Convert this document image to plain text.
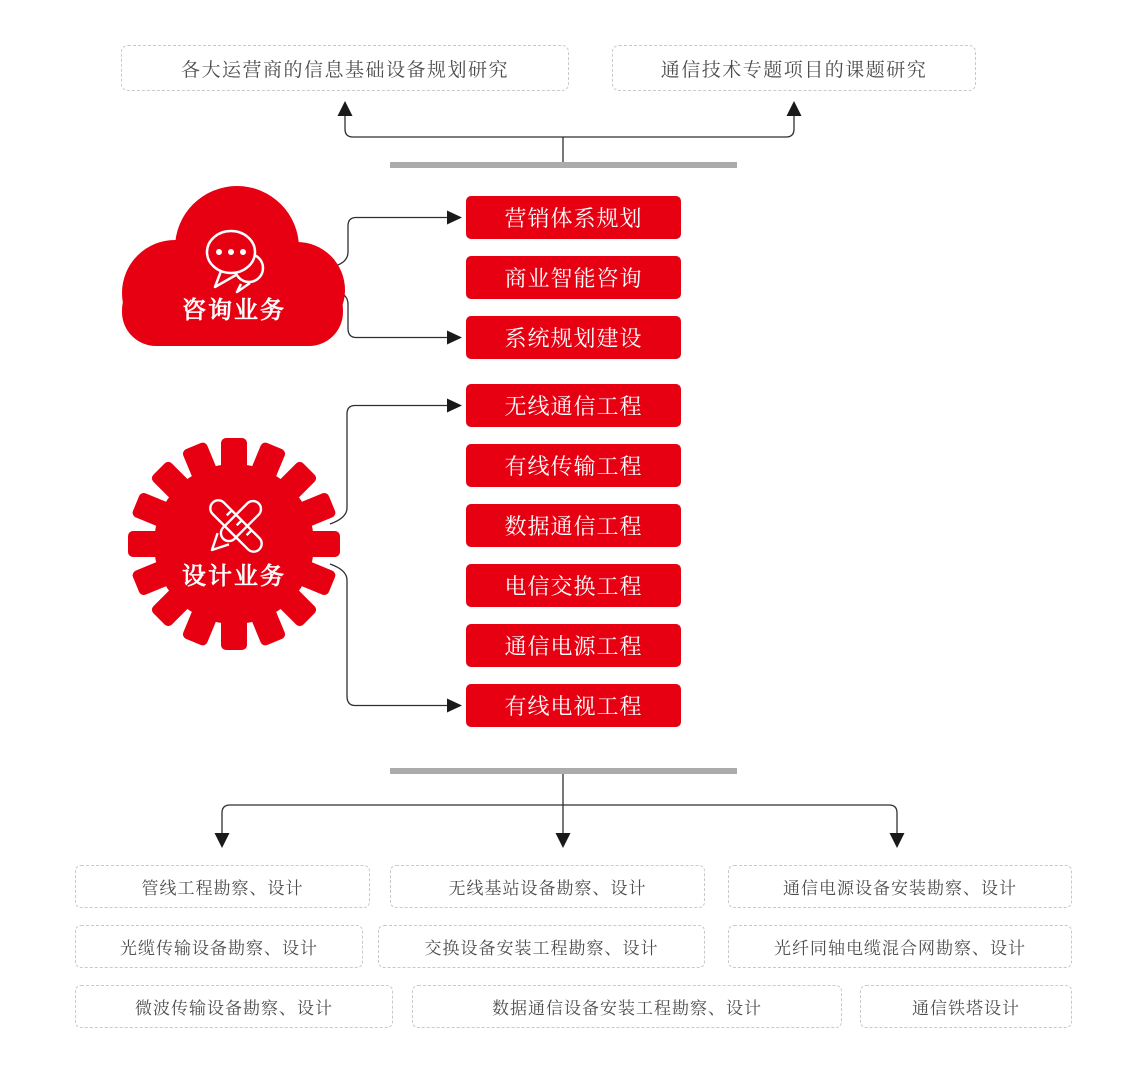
各大运营商的信息基础设备规划研究	通信技术专题项目的课题研究
咨询业务
设计业务
营销体系规划
商业智能咨询
系统规划建设
无线通信工程
有线传输工程
数据通信工程
电信交换工程
通信电源工程
有线电视工程
管线工程勘察、设计	无线基站设备勘察、设计	通信电源设备安装勘察、设计
光缆传输设备勘察、设计	交换设备安装工程勘察、设计	光纤同轴电缆混合网勘察、设计
微波传输设备勘察、设计	数据通信设备安装工程勘察、设计	通信铁塔设计
